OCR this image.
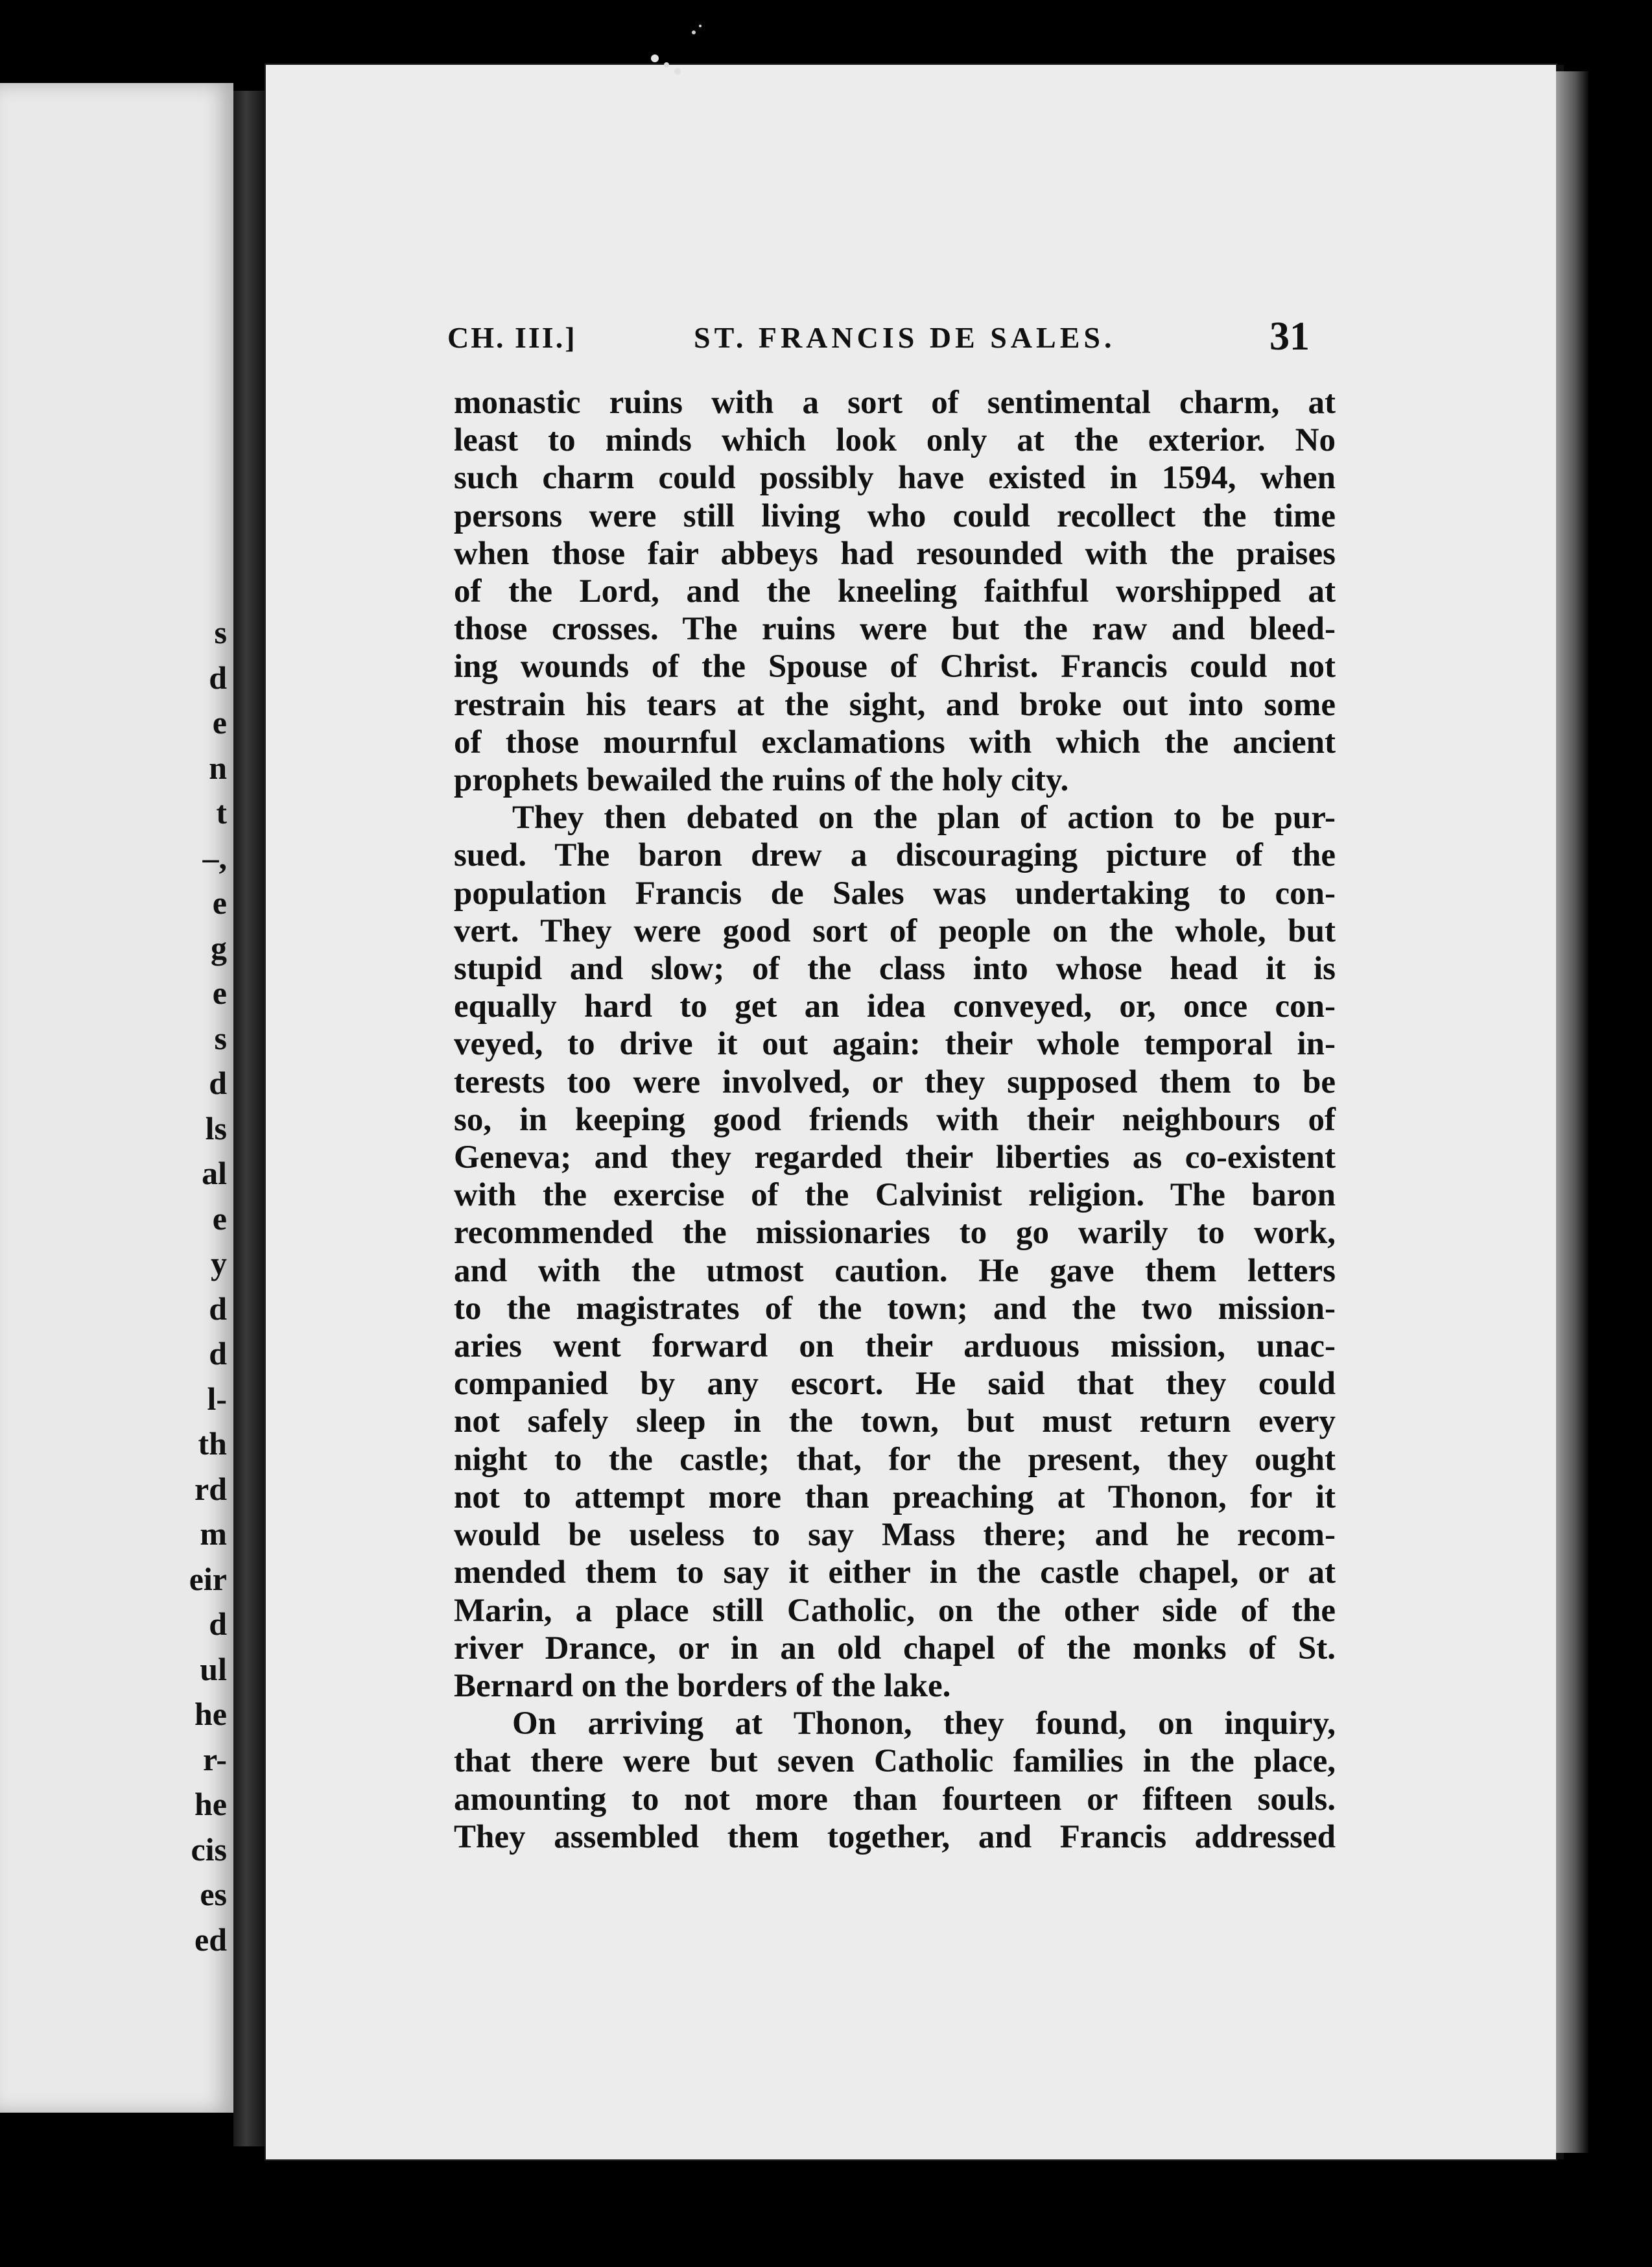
s
d
e
n
t
–,
e
g
e
s
d
ls
al
e
y
d
d
l-
th
rd
m
eir
d
ul
he
r-
he
cis
es
ed
CH. III.]	ST. FRANCIS DE SALES.	31
monastic ruins with a sort of sentimental charm, at
least to minds which look only at the exterior. No
such charm could possibly have existed in 1594, when
persons were still living who could recollect the time
when those fair abbeys had resounded with the praises
of the Lord, and the kneeling faithful worshipped at
those crosses. The ruins were but the raw and bleed-
ing wounds of the Spouse of Christ. Francis could not
restrain his tears at the sight, and broke out into some
of those mournful exclamations with which the ancient
prophets bewailed the ruins of the holy city.
They then debated on the plan of action to be pur-
sued. The baron drew a discouraging picture of the
population Francis de Sales was undertaking to con-
vert. They were good sort of people on the whole, but
stupid and slow; of the class into whose head it is
equally hard to get an idea conveyed, or, once con-
veyed, to drive it out again: their whole temporal in-
terests too were involved, or they supposed them to be
so, in keeping good friends with their neighbours of
Geneva; and they regarded their liberties as co-existent
with the exercise of the Calvinist religion. The baron
recommended the missionaries to go warily to work,
and with the utmost caution. He gave them letters
to the magistrates of the town; and the two mission-
aries went forward on their arduous mission, unac-
companied by any escort. He said that they could
not safely sleep in the town, but must return every
night to the castle; that, for the present, they ought
not to attempt more than preaching at Thonon, for it
would be useless to say Mass there; and he recom-
mended them to say it either in the castle chapel, or at
Marin, a place still Catholic, on the other side of the
river Drance, or in an old chapel of the monks of St.
Bernard on the borders of the lake.
On arriving at Thonon, they found, on inquiry,
that there were but seven Catholic families in the place,
amounting to not more than fourteen or fifteen souls.
They assembled them together, and Francis addressed
